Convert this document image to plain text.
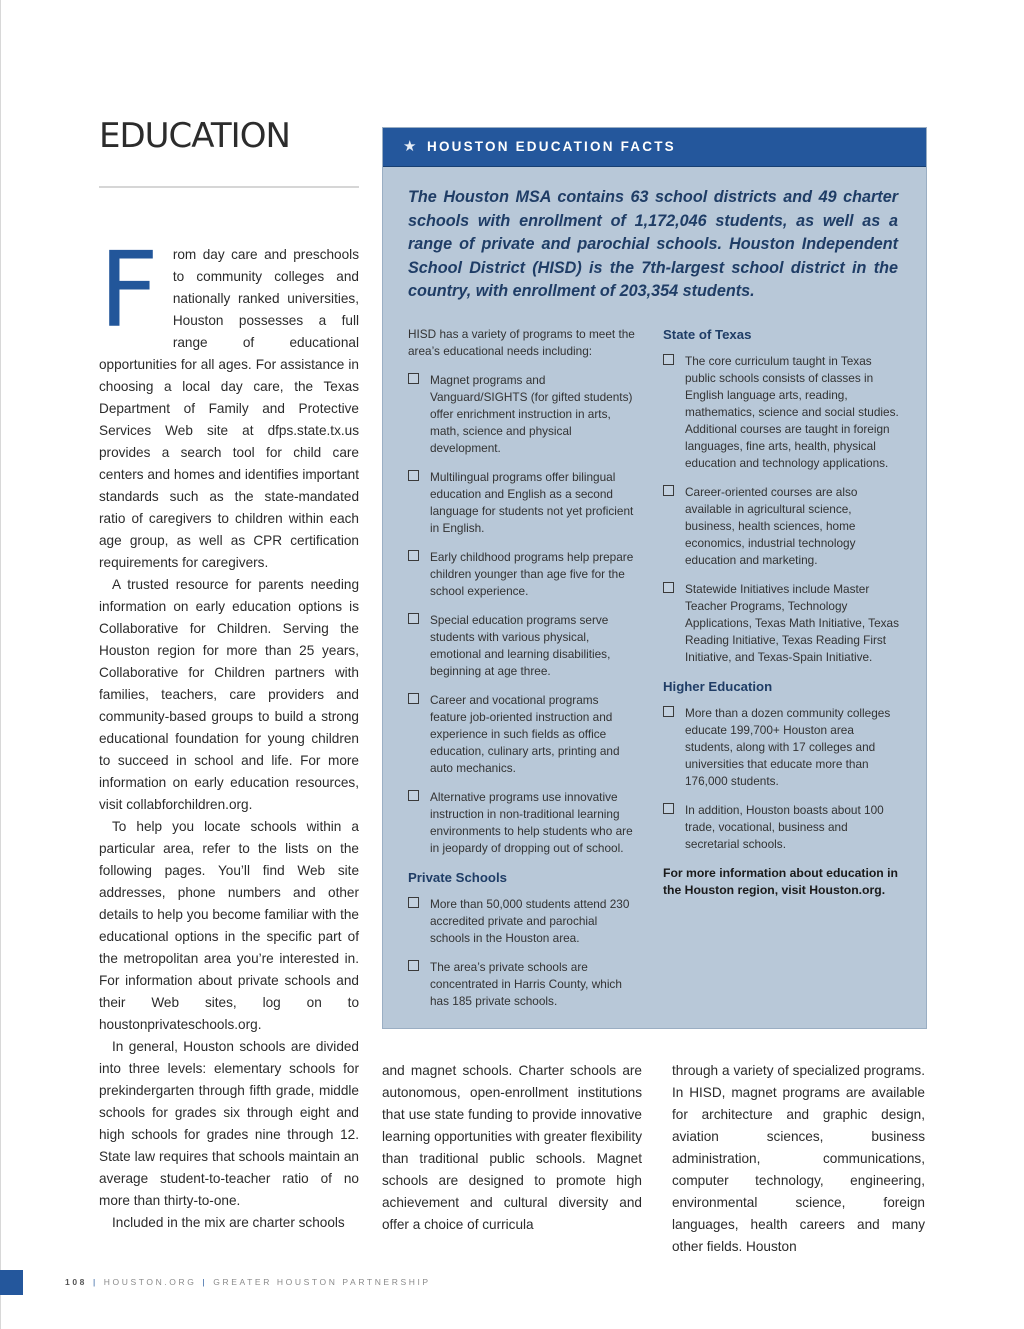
EDUCATION

F rom day care and preschools to community colleges and nationally ranked universities, Houston possesses a full range of educational opportunities for all ages. For assistance in choosing a local day care, the Texas Department of Family and Protective Services Web site at dfps.state.tx.us provides a search tool for child care centers and homes and identifies important standards such as the state-mandated ratio of caregivers to children within each age group, as well as CPR certification requirements for caregivers.

A trusted resource for parents needing information on early education options is Collaborative for Children. Serving the Houston region for more than 25 years, Collaborative for Children partners with families, teachers, care providers and community-based groups to build a strong educational foundation for young children to succeed in school and life. For more information on early education resources, visit collabforchildren.org.

To help you locate schools within a particular area, refer to the lists on the following pages. You’ll find Web site addresses, phone numbers and other details to help you become familiar with the educational options in the specific part of the metropolitan area you’re interested in. For information about private schools and their Web sites, log on to houstonprivateschools.org.

In general, Houston schools are divided into three levels: elementary schools for prekindergarten through fifth grade, middle schools for grades six through eight and high schools for grades nine through 12. State law requires that schools maintain an average student-to-teacher ratio of no more than thirty-to-one.

Included in the mix are charter schools

and magnet schools. Charter schools are autonomous, open-enrollment institutions that use state funding to provide innovative learning opportunities with greater flexibility than traditional public schools. Magnet schools are designed to promote high achievement and cultural diversity and offer a choice of curricula

through a variety of specialized programs. In HISD, magnet programs are available for architecture and graphic design, aviation sciences, business administration, communications, computer technology, engineering, environmental science, foreign languages, health careers and many other fields. Houston

★ HOUSTON EDUCATION FACTS

The Houston MSA contains 63 school districts and 49 charter schools with enrollment of 1,172,046 students, as well as a range of private and parochial schools. Houston Independent School District (HISD) is the 7th-largest school district in the country, with enrollment of 203,354 students.

HISD has a variety of programs to meet the area’s educational needs including:

Magnet programs and Vanguard/SIGHTS (for gifted students) offer enrichment instruction in arts, math, science and physical development.
Multilingual programs offer bilingual education and English as a second language for students not yet proficient in English.
Early childhood programs help prepare children younger than age five for the school experience.
Special education programs serve students with various physical, emotional and learning disabilities, beginning at age three.
Career and vocational programs feature job-oriented instruction and experience in such fields as office education, culinary arts, printing and auto mechanics.
Alternative programs use innovative instruction in non-traditional learning environments to help students who are in jeopardy of dropping out of school.
Private Schools
More than 50,000 students attend 230 accredited private and parochial schools in the Houston area.
The area’s private schools are concentrated in Harris County, which has 185 private schools.
State of Texas
The core curriculum taught in Texas public schools consists of classes in English language arts, reading, mathematics, science and social studies. Additional courses are taught in foreign languages, fine arts, health, physical education and technology applications.
Career-oriented courses are also available in agricultural science, business, health sciences, home economics, industrial technology education and marketing.
Statewide Initiatives include Master Teacher Programs, Technology Applications, Texas Math Initiative, Texas Reading Initiative, Texas Reading First Initiative, and Texas-Spain Initiative.
Higher Education
More than a dozen community colleges educate 199,700+ Houston area students, along with 17 colleges and universities that educate more than 176,000 students.
In addition, Houston boasts about 100 trade, vocational, business and secretarial schools.

For more information about education in the Houston region, visit Houston.org.

108 | HOUSTON.ORG | GREATER HOUSTON PARTNERSHIP
